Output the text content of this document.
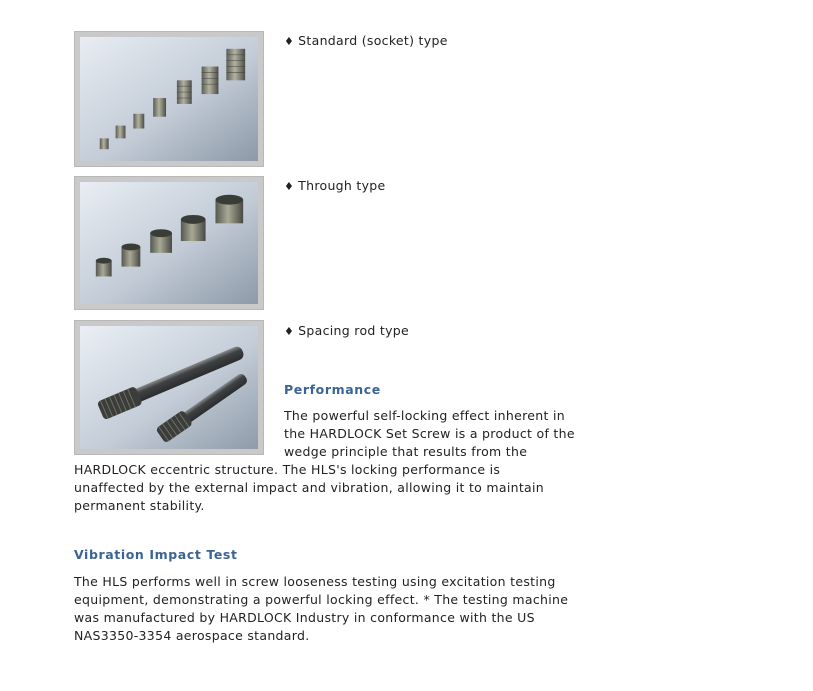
♦ Standard (socket) type
♦ Through type
♦ Spacing rod type
Performance
The powerful self-locking effect inherent in
the HARDLOCK Set Screw is a product of the
wedge principle that results from the
HARDLOCK eccentric structure. The HLS's locking performance is
unaffected by the external impact and vibration, allowing it to maintain
permanent stability.
Vibration Impact Test
The HLS performs well in screw looseness testing using excitation testing
equipment, demonstrating a powerful locking effect. * The testing machine
was manufactured by HARDLOCK Industry in conformance with the US
NAS3350-3354 aerospace standard.
